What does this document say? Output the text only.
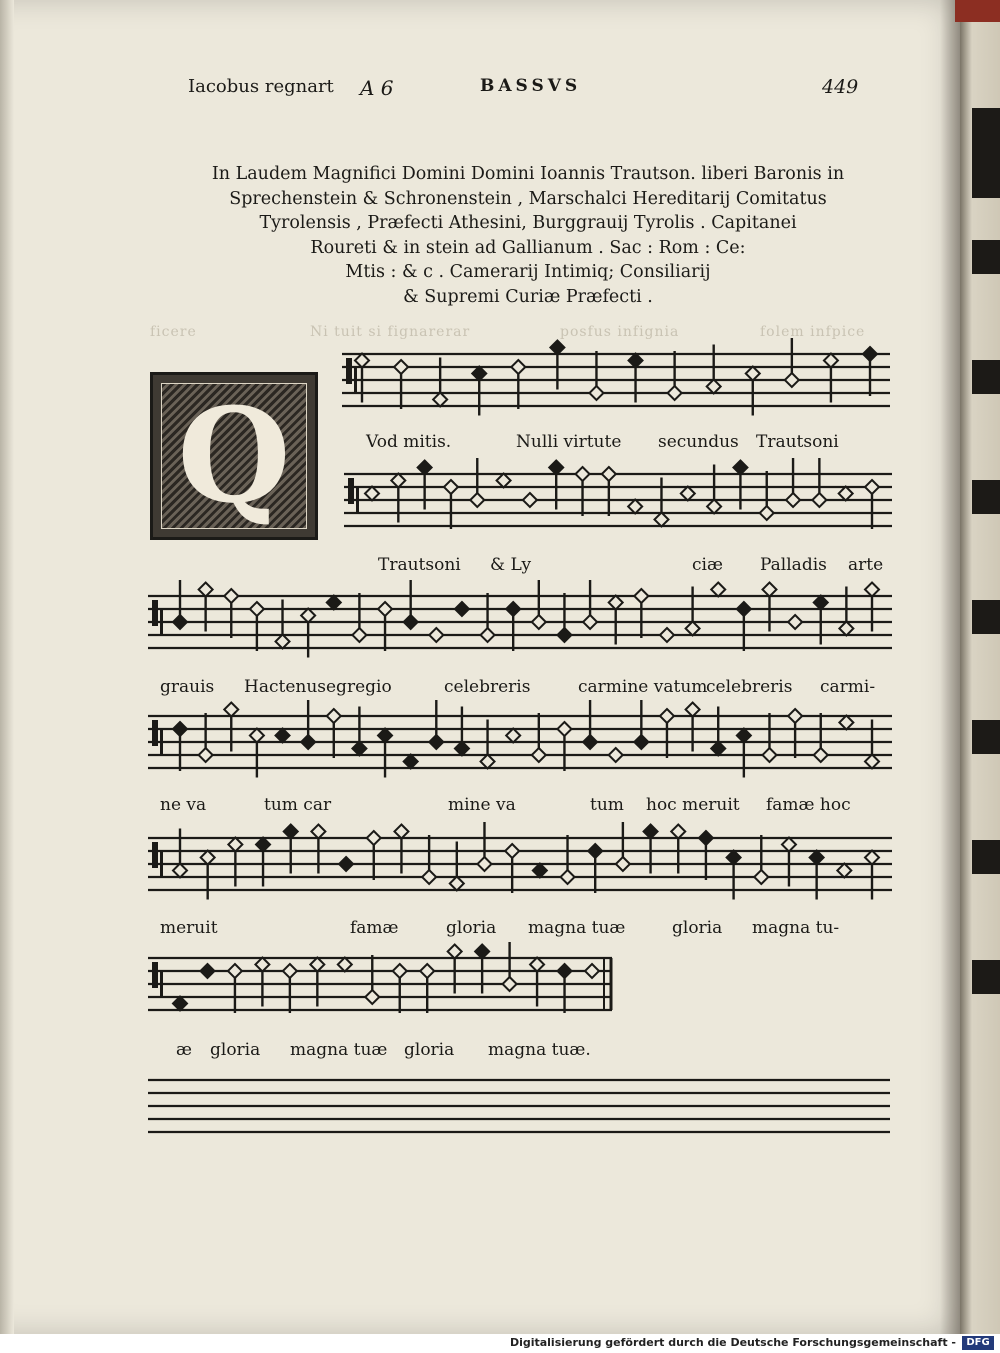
ficere	Ni tuit si fignarerar	posfus infignia	folem infpice
Iacobus regnart A 6	BASSVS	449
In Laudem Magnifici Domini Domini Ioannis Trautson. liberi Baronis in
Sprechenstein & Schronenstein , Marschalci Hereditarij Comitatus
Tyrolensis , Præfecti Athesini, Burggrauij Tyrolis . Capitanei
Roureti & in stein ad Gallianum . Sac : Rom : Ce:
Mtis : & c . Camerarij Intimiq; Consiliarij
& Supremi Curiæ Præfecti .
Q	Vod mitis.	Nulli virtute secundus Trautsoni
Trautsoni & Ly	ciæ Palladis arte
grauis Hactenus egregio	celebreris	carmine vatum
celebreris carmi-
ne va	tum car	mine va	tum hoc meruit famæ hoc
meruit	famæ	gloria magna tuæ	gloria magna tu-
æ gloria magna tuæ gloria magna tuæ.
Digitalisierung gefördert durch die Deutsche Forschungsgemeinschaft -	DFG
